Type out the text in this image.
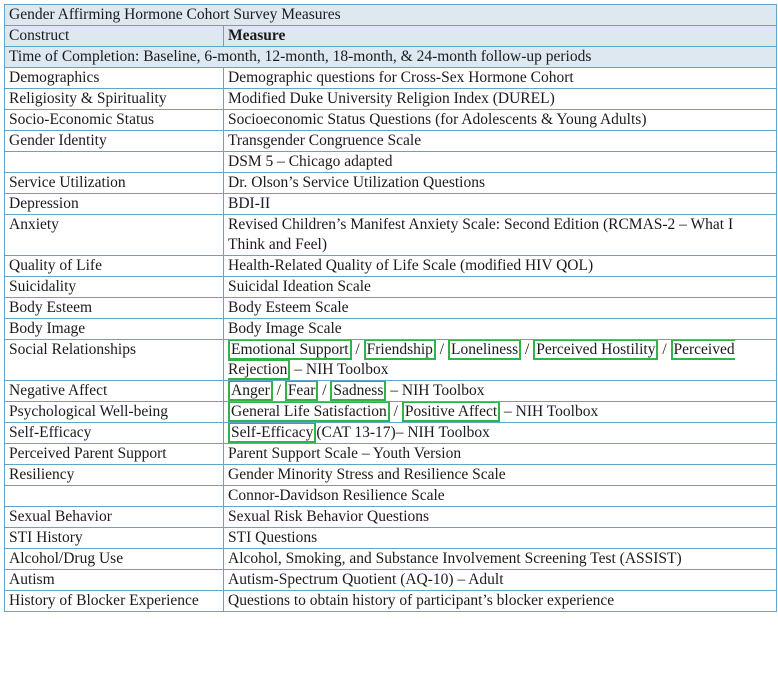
Gender Affirming Hormone Cohort Survey Measures	
Construct	Measure
Time of Completion: Baseline, 6-month, 12-month, 18-month, & 24-month follow-up periods	
Demographics	Demographic questions for Cross-Sex Hormone Cohort
Religiosity & Spirituality	Modified Duke University Religion Index (DUREL)
Socio-Economic Status	Socioeconomic Status Questions (for Adolescents & Young Adults)
Gender Identity	Transgender Congruence Scale
	DSM 5 – Chicago adapted
Service Utilization	Dr. Olson’s Service Utilization Questions
Depression	BDI-II
Anxiety	Revised Children’s Manifest Anxiety Scale: Second Edition (RCMAS-2 – What I Think and Feel)
Quality of Life	Health-Related Quality of Life Scale (modified HIV QOL)
Suicidality	Suicidal Ideation Scale
Body Esteem	Body Esteem Scale
Body Image	Body Image Scale
Social Relationships	Emotional Support / Friendship / Loneliness / Perceived Hostility / Perceived Rejection – NIH Toolbox
Negative Affect	Anger / Fear / Sadness – NIH Toolbox
Psychological Well-being	General Life Satisfaction / Positive Affect – NIH Toolbox
Self-Efficacy	Self-Efficacy (CAT 13-17)– NIH Toolbox
Perceived Parent Support	Parent Support Scale – Youth Version
Resiliency	Gender Minority Stress and Resilience Scale
	Connor-Davidson Resilience Scale
Sexual Behavior	Sexual Risk Behavior Questions
STI History	STI Questions
Alcohol/Drug Use	Alcohol, Smoking, and Substance Involvement Screening Test (ASSIST)
Autism	Autism-Spectrum Quotient (AQ-10) – Adult
History of Blocker Experience	Questions to obtain history of participant’s blocker experience
